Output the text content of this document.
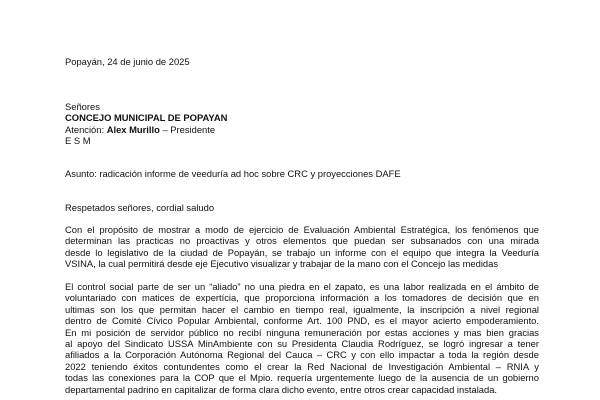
Popayán, 24 de junio de 2025
Señores
CONCEJO MUNICIPAL DE POPAYAN
Atención: Alex Murillo – Presidente
E S M
Asunto: radicación informe de veeduría ad hoc sobre CRC y proyecciones DAFE
Respetados señores, cordial saludo
Con el propósito de mostrar a modo de ejercicio de Evaluación Ambiental Estratégica, los fenómenos que
determinan las practicas no proactivas y otros elementos que puedan ser subsanados con una mirada
desde lo legislativo de la ciudad de Popayán, se trabajo un informe con el equipo que integra la Veeduría
VSINA, la cual permitirá desde eje Ejecutivo visualizar y trabajar de la mano con el Concejo las medidas
El control social parte de ser un “aliado” no una piedra en el zapato, es una labor realizada en el ámbito de
voluntariado con matices de expertícia, que proporciona información a los tomadores de decisión que en
ultimas son los que permitan hacer el cambio en tiempo real, igualmente, la inscripción a nivel regional
dentro de Comité Cívico Popular Ambiental, conforme Art. 100 PND, es el mayor acierto empoderamiento.
En mi posición de servidor público no recibí ninguna remuneración por estas acciones y mas bien gracias
al apoyo del Sindicato USSA MinAmbiente con su Presidenta Claudia Rodríguez, se logró ingresar a tener
afiliados a la Corporación Autónoma Regional del Cauca – CRC y con ello impactar a toda la región desde
2022 teniendo éxitos contundentes como el crear la Red Nacional de Investigación Ambiental – RNIA y
todas las conexiones para la COP que el Mpio. requería urgentemente luego de la ausencia de un gobierno
departamental padrino en capitalizar de forma clara dicho evento, entre otros crear capacidad instalada.
